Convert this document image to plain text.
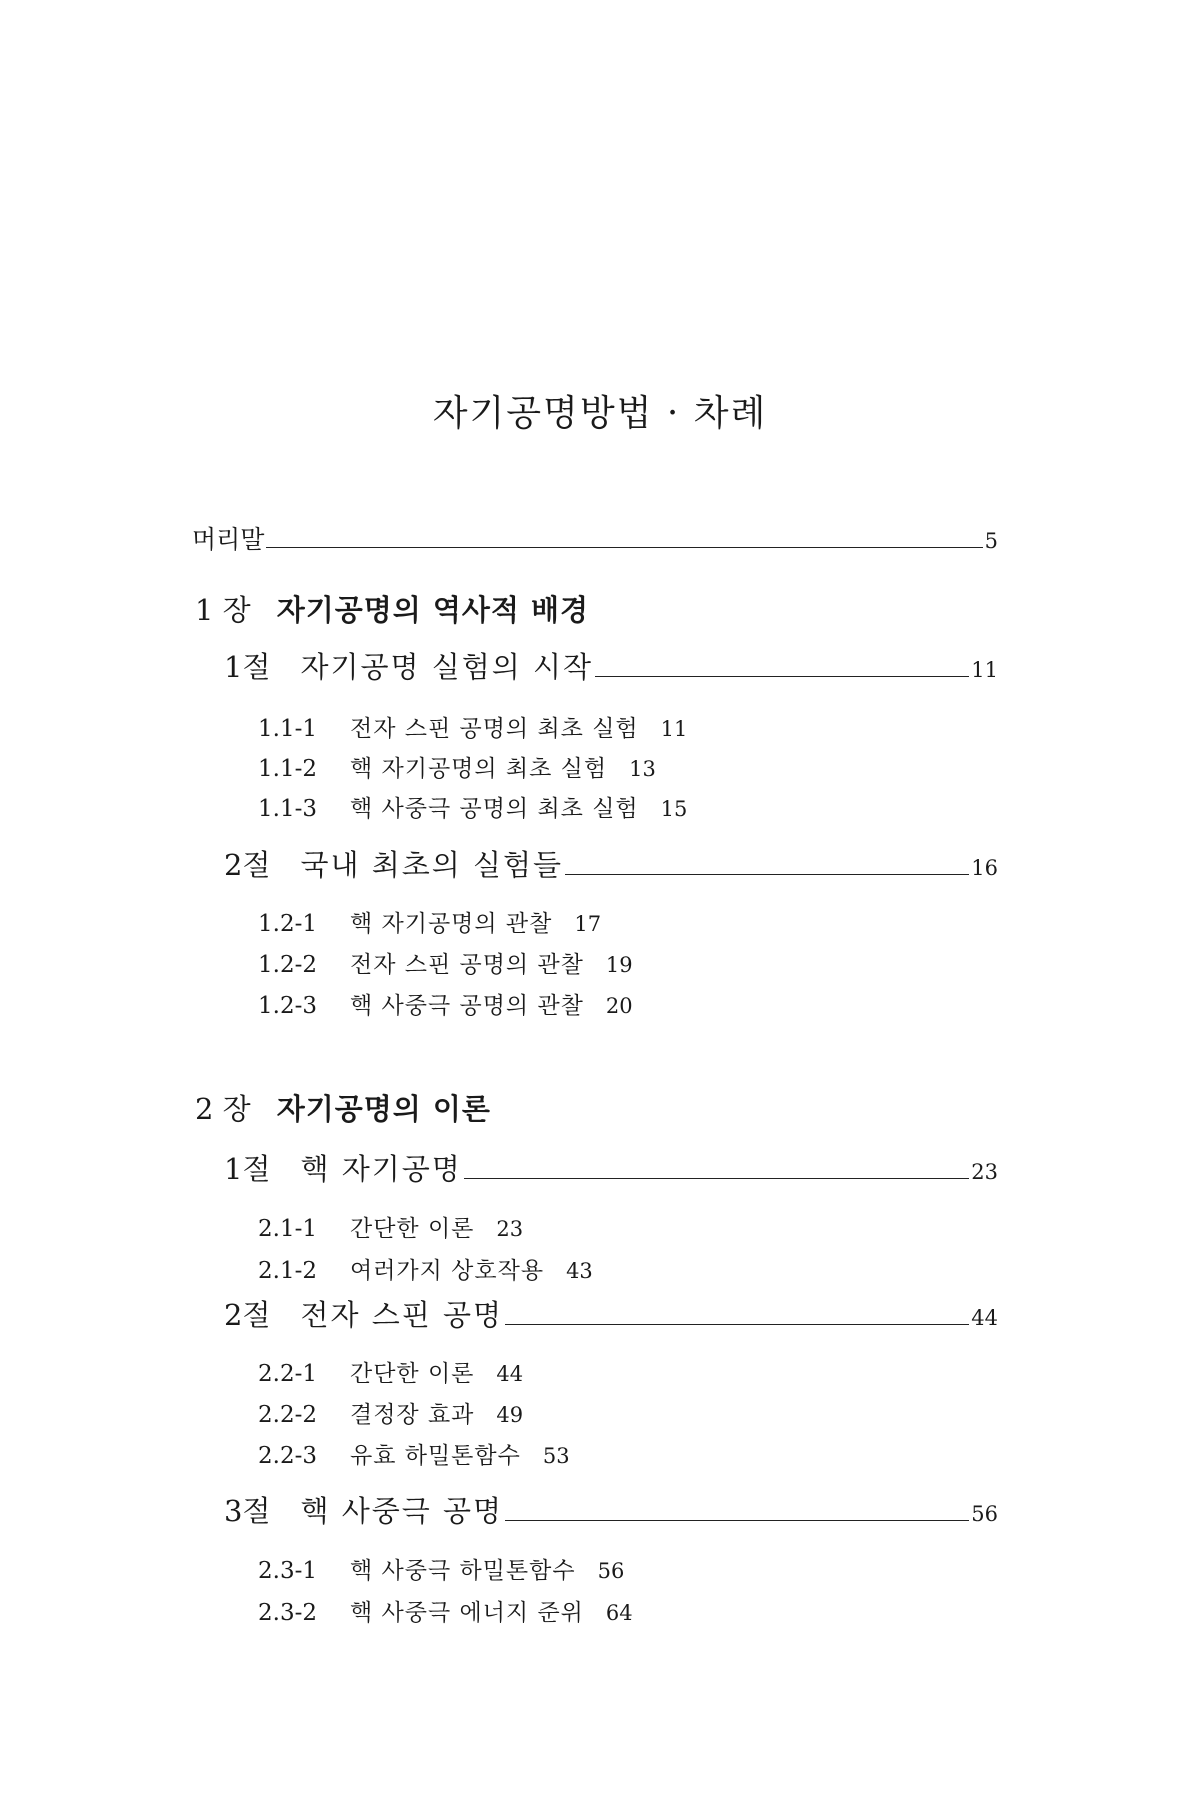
자기공명방법 · 차례
머리말	5
1 장 자기공명의 역사적 배경
1절 자기공명 실험의 시작	11
1.1-1	전자 스핀 공명의 최초 실험 11
1.1-2	핵 자기공명의 최초 실험 13
1.1-3	핵 사중극 공명의 최초 실험 15
2절 국내 최초의 실험들	16
1.2-1	핵 자기공명의 관찰 17
1.2-2	전자 스핀 공명의 관찰 19
1.2-3	핵 사중극 공명의 관찰 20
2 장 자기공명의 이론
1절 핵 자기공명	23
2.1-1	간단한 이론 23
2.1-2	여러가지 상호작용 43
2절 전자 스핀 공명	44
2.2-1	간단한 이론 44
2.2-2	결정장 효과 49
2.2-3	유효 하밀톤함수 53
3절 핵 사중극 공명	56
2.3-1	핵 사중극 하밀톤함수 56
2.3-2	핵 사중극 에너지 준위 64
